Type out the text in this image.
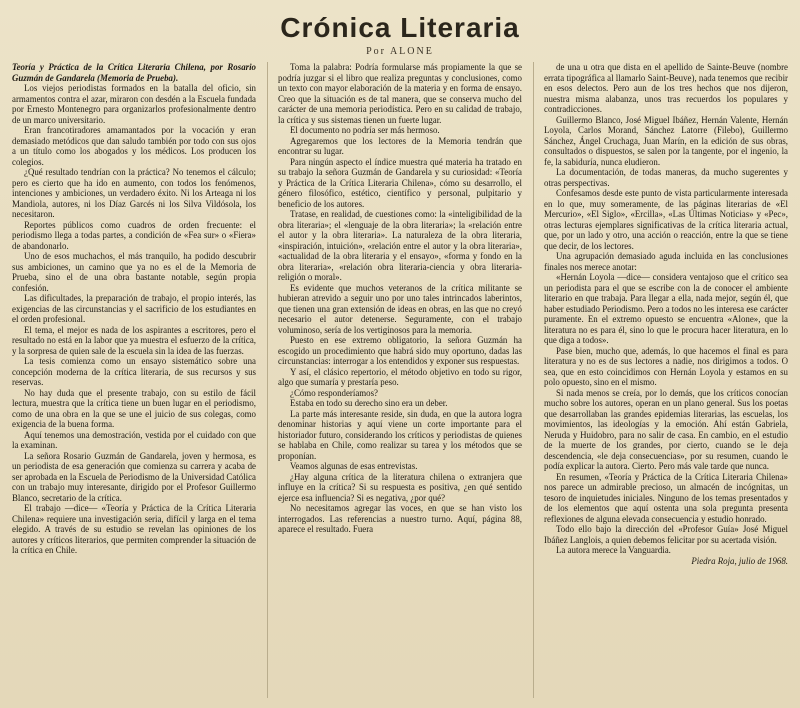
Crónica Literaria
Por ALONE

Teoría y Práctica de la Crítica Literaria Chilena, por Rosario Guzmán de Gandarela (Memoria de Prueba).

Los viejos periodistas formados en la batalla del oficio, sin armamentos contra el azar, miraron con desdén a la Escuela fundada por Ernesto Montenegro para organizarlos profesionalmente dentro de un marco universitario.

Eran francotiradores amamantados por la vocación y eran demasiado metódicos que dan saludo también por todo con sus ojos a un título como los abogados y los médicos. Los producen los colegios.

¿Qué resultado tendrían con la práctica? No tenemos el cálculo; pero es cierto que ha ido en aumento, con todos los fenómenos, intenciones y ambiciones, un verdadero éxito. Ni los Arteaga ni los Mandiola, autores, ni los Díaz Garcés ni los Silva Vildósola, los necesitaron.

Reportes públicos como cuadros de orden frecuente: el periodismo llega a todas partes, a condición de «Fea sur» o «Fiera» de abandonarlo.

Uno de esos muchachos, el más tranquilo, ha podido descubrir sus ambiciones, un camino que ya no es el de la Memoria de Prueba, sino el de una obra bastante notable, según propia confesión.

Las dificultades, la preparación de trabajo, el propio interés, las exigencias de las circunstancias y el sacrificio de los estudiantes en el orden profesional.

El tema, el mejor es nada de los aspirantes a escritores, pero el resultado no está en la labor que ya muestra el esfuerzo de la crítica, y la sorpresa de quien sale de la escuela sin la idea de las fuerzas.

La tesis comienza como un ensayo sistemático sobre una concepción moderna de la crítica literaria, de sus recursos y sus reservas.

No hay duda que el presente trabajo, con su estilo de fácil lectura, muestra que la crítica tiene un buen lugar en el periodismo, como de una obra en la que se une el juicio de sus colegas, como exigencia de la buena forma.

Aquí tenemos una demostración, vestida por el cuidado con que la examinan.

La señora Rosario Guzmán de Gandarela, joven y hermosa, es un periodista de esa generación que comienza su carrera y acaba de ser aprobada en la Escuela de Periodismo de la Universidad Católica con un trabajo muy interesante, dirigido por el Profesor Guillermo Blanco, secretario de la crítica.

El trabajo —dice— «Teoría y Práctica de la Crítica Literaria Chilena» requiere una investigación seria, difícil y larga en el tema elegido. A través de su estudio se revelan las opiniones de los autores y críticos literarios, que permiten comprender la situación de la crítica en Chile.

Toma la palabra: Podría formularse más propiamente la que se podría juzgar si el libro que realiza preguntas y conclusiones, como un texto con mayor elaboración de la materia y en forma de ensayo. Creo que la situación es de tal manera, que se conserva mucho del carácter de una memoria periodística. Pero en su calidad de trabajo, la crítica y sus sistemas tienen un fuerte lugar.

El documento no podría ser más hermoso.

Agregaremos que los lectores de la Memoria tendrán que encontrar su lugar.

Para ningún aspecto el índice muestra qué materia ha tratado en su trabajo la señora Guzmán de Gandarela y su curiosidad: «Teoría y Práctica de la Crítica Literaria Chilena», cómo su desarrollo, el género filosófico, estético, científico y personal, pulpitario y beneficio de los autores.

Tratase, en realidad, de cuestiones como: la «inteligibilidad de la obra literaria»; el «lenguaje de la obra literaria»; la «relación entre el autor y la obra literaria». La naturaleza de la obra literaria, «inspiración, intuición», «relación entre el autor y la obra literaria», «actualidad de la obra literaria y el ensayo», «forma y fondo en la obra literaria», «relación obra literaria-ciencia y obra literaria-religión o moral».

Es evidente que muchos veteranos de la crítica militante se hubieran atrevido a seguir uno por uno tales intrincados laberintos, que tienen una gran extensión de ideas en obras, en las que no creyó necesario el autor detenerse. Seguramente, con el trabajo voluminoso, sería de los vertiginosos para la memoria.

Puesto en ese extremo obligatorio, la señora Guzmán ha escogido un procedimiento que habrá sido muy oportuno, dadas las circunstancias: interrogar a los entendidos y exponer sus respuestas.

Y así, el clásico repertorio, el método objetivo en todo su rigor, algo que sumaría y prestaría peso.

¿Cómo responderíamos?

Estaba en todo su derecho sino era un deber.

La parte más interesante reside, sin duda, en que la autora logra denominar historias y aquí viene un corte importante para el historiador futuro, considerando los críticos y periodistas de quienes se hablaba en Chile, como realizar su tarea y los métodos que se proponían.

Veamos algunas de esas entrevistas.

¿Hay alguna crítica de la literatura chilena o extranjera que influye en la crítica? Si su respuesta es positiva, ¿en qué sentido ejerce esa influencia? Si es negativa, ¿por qué?

No necesitamos agregar las voces, en que se han visto los interrogados. Las referencias a nuestro turno. Aquí, página 88, aparece el resultado. Fuera

de una u otra que dista en el apellido de Sainte-Beuve (nombre errata tipográfica al llamarlo Saint-Beuve), nada tenemos que recibir en esos delectos. Pero aun de los tres hechos que nos dijeron, nuestra misma alabanza, unos tras recuerdos los populares y contradicciones.

Guillermo Blanco, José Miguel Ibáñez, Hernán Valente, Hernán Loyola, Carlos Morand, Sánchez Latorre (Filebo), Guillermo Sánchez, Ángel Cruchaga, Juan Marín, en la edición de sus obras, consultados o dispuestos, se salen por la tangente, por el ingenio, la fe, la sabiduría, nunca eludieron.

La documentación, de todas maneras, da mucho sugerentes y otras perspectivas.

Confesamos desde este punto de vista particularmente interesada en lo que, muy someramente, de las páginas literarias de «El Mercurio», «El Siglo», «Ercilla», «Las Últimas Noticias» y «Pec», otras lecturas ejemplares significativas de la crítica literaria actual, que, por un lado y otro, una acción o reacción, entre la que se tiene que decir, de los lectores.

Una agrupación demasiado aguda incluida en las conclusiones finales nos merece anotar:

«Hernán Loyola —dice— considera ventajoso que el crítico sea un periodista para el que se escribe con la de conocer el ambiente literario en que trabaja. Para llegar a ella, nada mejor, según él, que haber estudiado Periodismo. Pero a todos no les interesa ese carácter puramente. En el extremo opuesto se encuentra «Alone», que la literatura no es para él, sino lo que le procura hacer literatura, en lo que diga a todos».

Pase bien, mucho que, además, lo que hacemos el final es para literatura y no es de sus lectores a nadie, nos dirigimos a todos. O sea, que en esto coincidimos con Hernán Loyola y estamos en su polo opuesto, sino en el mismo.

Si nada menos se creía, por lo demás, que los críticos conocían mucho sobre los autores, operan en un plano general. Sus los poetas que desarrollaban las grandes epidemias literarias, las escuelas, los movimientos, las ideologías y la emoción. Ahí están Gabriela, Neruda y Huidobro, para no salir de casa. En cambio, en el estudio de la muerte de los grandes, por cierto, cuando se le deja descendencia, «le deja consecuencias», por su resumen, cuando le podía explicar la autora. Cierto. Pero más vale tarde que nunca.

En resumen, «Teoría y Práctica de la Crítica Literaria Chilena» nos parece un admirable precioso, un almacén de incógnitas, un tesoro de inquietudes iniciales. Ninguno de los temas presentados y de los elementos que aquí ostenta una sola pregunta presenta reflexiones de alguna elevada consecuencia y estudio honrado.

Todo ello bajo la dirección del «Profesor Guía» José Miguel Ibáñez Langlois, a quien debemos felicitar por su acertada visión.

La autora merece la Vanguardia.

Piedra Roja, julio de 1968.
